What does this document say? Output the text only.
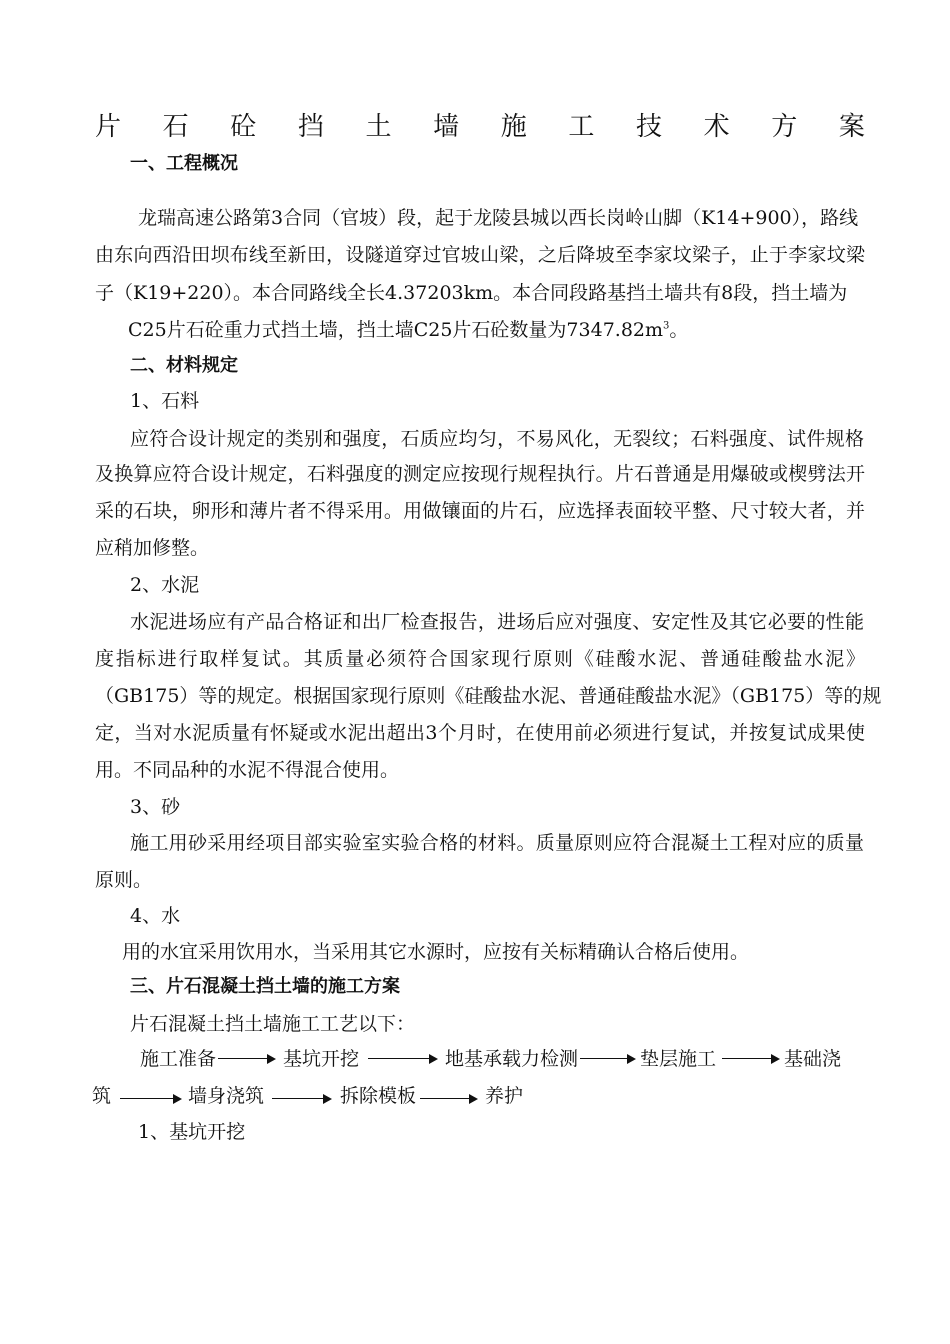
片 石 砼 挡 土 墙 施 工 技 术 方 案
一、工程概况
龙瑞高速公路第3合同（官坡）段，起于龙陵县城以西长岗岭山脚（K14+900），路线
由东向西沿田坝布线至新田，设隧道穿过官坡山梁，之后降坡至李家坟梁子，止于李家坟梁
子（K19+220）。本合同路线全长4.37203km。本合同段路基挡土墙共有8段，挡土墙为
C25片石砼重力式挡土墙，挡土墙C25片石砼数量为$7347.82m^3$。
二、材料规定
1、石料
应符合设计规定的类别和强度，石质应均匀，不易风化，无裂纹；石料强度、试件规格
及换算应符合设计规定，石料强度的测定应按现行规程执行。片石普通是用爆破或楔劈法开
采的石块，卵形和薄片者不得采用。用做镶面的片石，应选择表面较平整、尺寸较大者，并
应稍加修整。
2、水泥
水泥进场应有产品合格证和出厂检查报告，进场后应对强度、安定性及其它必要的性能
度指标进行取样复试。其质量必须符合国家现行原则《硅酸水泥、普通硅酸盐水泥》
（GB175）等的规定。根据国家现行原则《硅酸盐水泥、普通硅酸盐水泥》（GB175）等的规
定，当对水泥质量有怀疑或水泥出超出3个月时，在使用前必须进行复试，并按复试成果使
用。不同品种的水泥不得混合使用。
3、砂
施工用砂采用经项目部实验室实验合格的材料。质量原则应符合混凝土工程对应的质量
原则。
4、水
用的水宜采用饮用水，当采用其它水源时，应按有关标精确认合格后使用。
三、片石混凝土挡土墙的施工方案
片石混凝土挡土墙施工工艺以下：
施工准备	基坑开挖	地基承载力检测	垫层施工	基础浇
筑	墙身浇筑	拆除模板	养护
1、基坑开挖
